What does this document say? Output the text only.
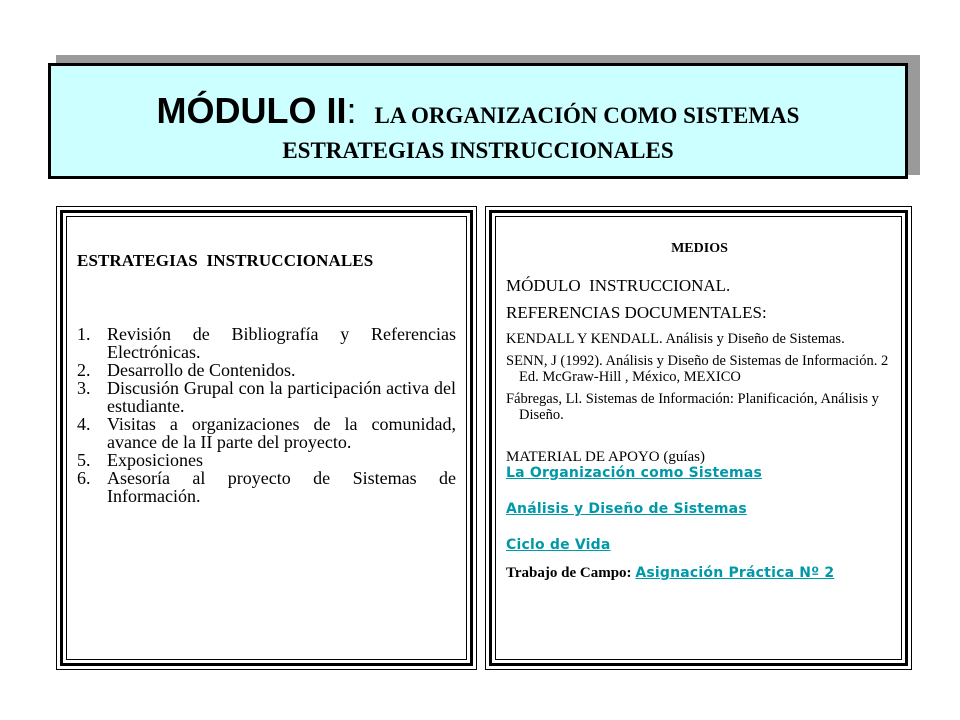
MÓDULO II: LA ORGANIZACIÓN COMO SISTEMAS
ESTRATEGIAS INSTRUCCIONALES

ESTRATEGIAS  INSTRUCCIONALES

1. Revisión de Bibliografía y Referencias Electrónicas.
2. Desarrollo de Contenidos.
3. Discusión Grupal con la participación activa del estudiante.
4. Visitas a organizaciones de la comunidad, avance de la II parte del proyecto.
5. Exposiciones
6. Asesoría al proyecto de Sistemas de Información.

MEDIOS

MÓDULO  INSTRUCCIONAL.

REFERENCIAS DOCUMENTALES:

KENDALL Y KENDALL. Análisis y Diseño de Sistemas.

SENN, J (1992). Análisis y Diseño de Sistemas de Información. 2 Ed. McGraw-Hill , México, MEXICO

Fábregas, Ll. Sistemas de Información: Planificación, Análisis y Diseño.

MATERIAL DE APOYO (guías)

La Organización como Sistemas
Análisis y Diseño de Sistemas
Ciclo de Vida
Trabajo de Campo: Asignación Práctica Nº 2
